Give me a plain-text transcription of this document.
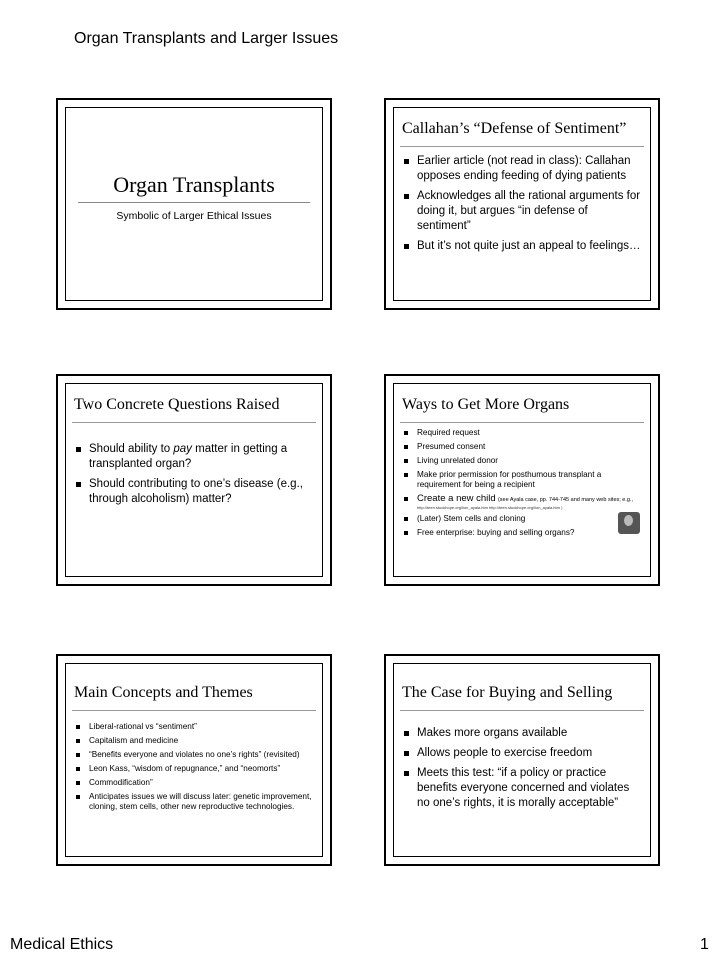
Organ Transplants and Larger Issues
Organ Transplants
Symbolic of Larger Ethical Issues
Callahan’s “Defense of Sentiment”
Earlier article (not read in class): Callahan opposes ending feeding of dying patients
Acknowledges all the rational arguments for doing it, but argues “in defense of sentiment”
But it’s not quite just an appeal to feelings…
Two Concrete Questions Raised
Should ability to pay matter in getting a transplanted organ?
Should contributing to one’s disease (e.g., through alcoholism) matter?
Ways to Get More Organs
Required request
Presumed consent
Living unrelated donor
Make prior permission for posthumous transplant a requirement for being a recipient
Create a new child (see Ayala case, pp. 744-745 and many web sites; e.g.,
http://teen.stuckhope.org/lion_ayala.htm http://teen.stuckhope.org/lion_ayala.htm )
(Later) Stem cells and cloning
Free enterprise: buying and selling organs?
Main Concepts and Themes
Liberal-rational vs “sentiment”
Capitalism and medicine
“Benefits everyone and violates no one’s rights” (revisited)
Leon Kass, “wisdom of repugnance,” and “neomorts”
Commodification”
Anticipates issues we will discuss later: genetic improvement, cloning, stem cells, other new reproductive technologies.
The Case for Buying and Selling
Makes more organs available
Allows people to exercise freedom
Meets this test: “if a policy or practice benefits everyone concerned and violates no one’s rights, it is morally acceptable”
Medical Ethics	1
